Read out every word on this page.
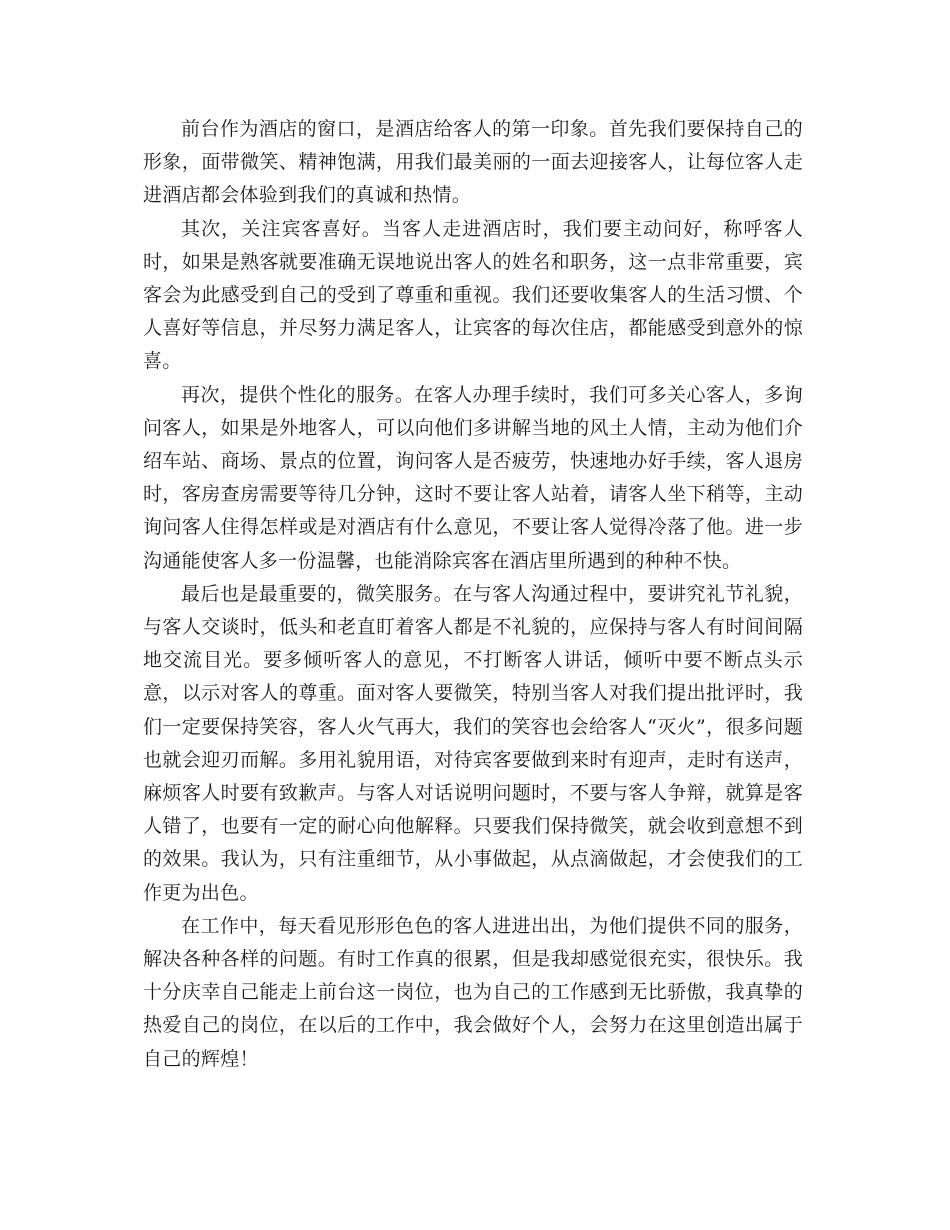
前台作为酒店的窗口，是酒店给客人的第一印象。首先我们要保持自己的形象，面带微笑、精神饱满，用我们最美丽的一面去迎接客人，让每位客人走进酒店都会体验到我们的真诚和热情。

其次，关注宾客喜好。当客人走进酒店时，我们要主动问好，称呼客人时，如果是熟客就要准确无误地说出客人的姓名和职务，这一点非常重要，宾客会为此感受到自己的受到了尊重和重视。我们还要收集客人的生活习惯、个人喜好等信息，并尽努力满足客人，让宾客的每次住店，都能感受到意外的惊喜。

再次，提供个性化的服务。在客人办理手续时，我们可多关心客人，多询问客人，如果是外地客人，可以向他们多讲解当地的风土人情，主动为他们介绍车站、商场、景点的位置，询问客人是否疲劳，快速地办好手续，客人退房时，客房查房需要等待几分钟，这时不要让客人站着，请客人坐下稍等，主动询问客人住得怎样或是对酒店有什么意见，不要让客人觉得冷落了他。进一步沟通能使客人多一份温馨，也能消除宾客在酒店里所遇到的种种不快。

最后也是最重要的，微笑服务。在与客人沟通过程中，要讲究礼节礼貌，与客人交谈时，低头和老直盯着客人都是不礼貌的，应保持与客人有时间间隔地交流目光。要多倾听客人的意见，不打断客人讲话，倾听中要不断点头示意，以示对客人的尊重。面对客人要微笑，特别当客人对我们提出批评时，我们一定要保持笑容，客人火气再大，我们的笑容也会给客人“灭火”，很多问题也就会迎刃而解。多用礼貌用语，对待宾客要做到来时有迎声，走时有送声，麻烦客人时要有致歉声。与客人对话说明问题时，不要与客人争辩，就算是客人错了，也要有一定的耐心向他解释。只要我们保持微笑，就会收到意想不到的效果。我认为，只有注重细节，从小事做起，从点滴做起，才会使我们的工作更为出色。

在工作中，每天看见形形色色的客人进进出出，为他们提供不同的服务，解决各种各样的问题。有时工作真的很累，但是我却感觉很充实，很快乐。我十分庆幸自己能走上前台这一岗位，也为自己的工作感到无比骄傲，我真挚的热爱自己的岗位，在以后的工作中，我会做好个人，会努力在这里创造出属于自己的辉煌！
